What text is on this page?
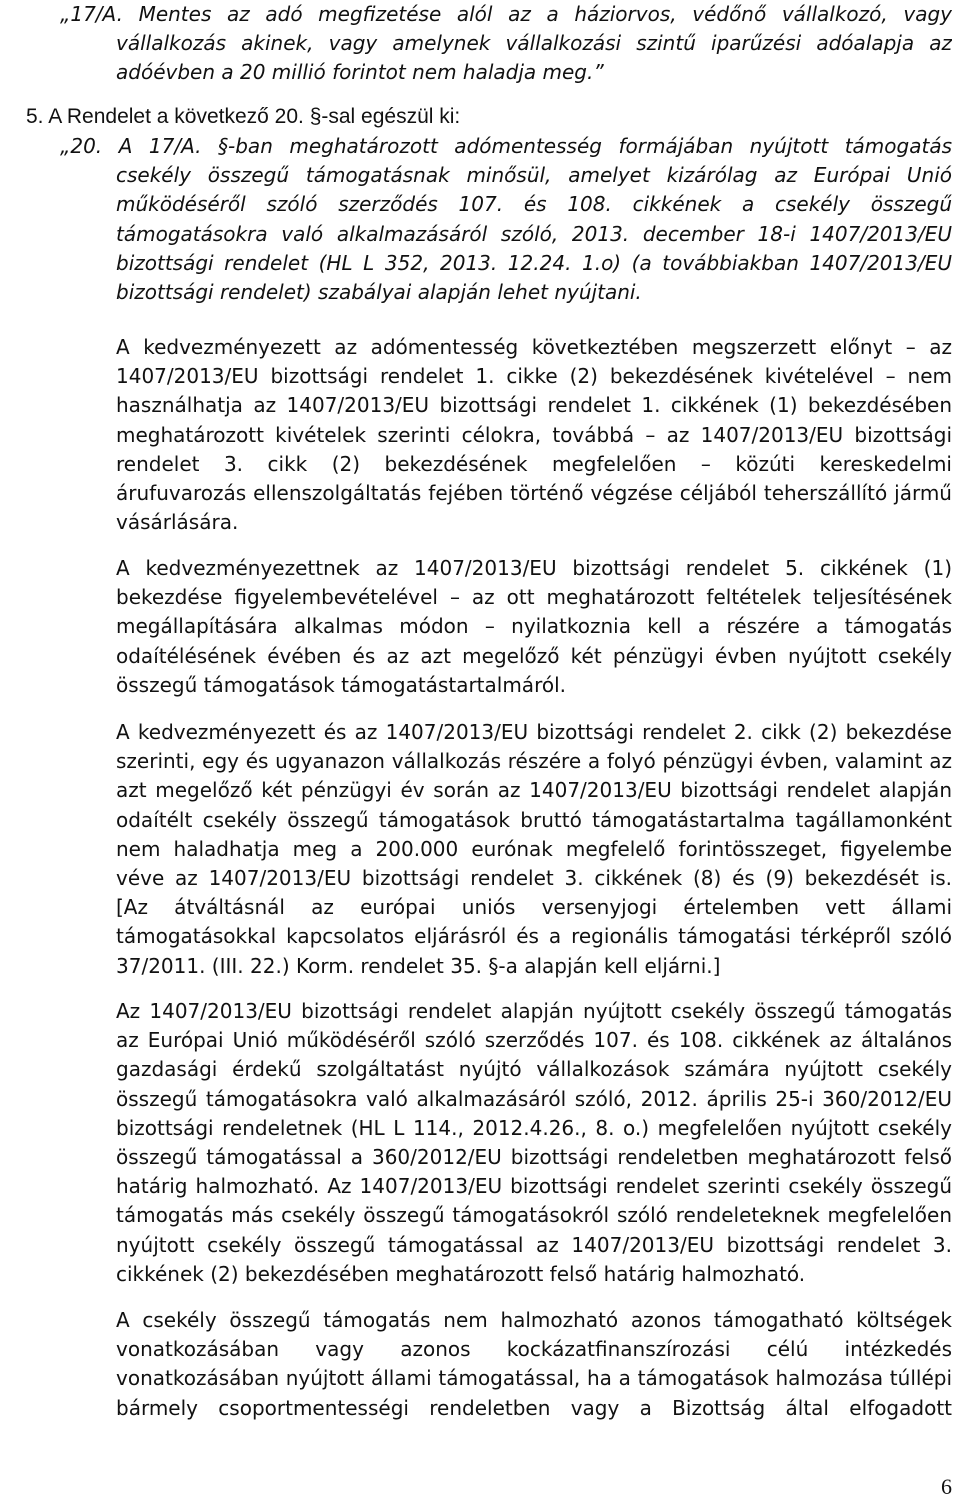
„17/A. Mentes az adó megfizetése alól az a háziorvos, védőnő vállalkozó, vagy
vállalkozás akinek, vagy amelynek vállalkozási szintű iparűzési adóalapja az
adóévben a 20 millió forintot nem haladja meg.”
5. A Rendelet a következő 20. §-sal egészül ki:
„20. A 17/A. §-ban meghatározott adómentesség formájában nyújtott támogatás
csekély összegű támogatásnak minősül, amelyet kizárólag az Európai Unió
működéséről szóló szerződés 107. és 108. cikkének a csekély összegű
támogatásokra való alkalmazásáról szóló, 2013. december 18-i 1407/2013/EU
bizottsági rendelet (HL L 352, 2013. 12.24. 1.o) (a továbbiakban 1407/2013/EU
bizottsági rendelet) szabályai alapján lehet nyújtani.
A kedvezményezett az adómentesség következtében megszerzett előnyt – az
1407/2013/EU bizottsági rendelet 1. cikke (2) bekezdésének kivételével – nem
használhatja az 1407/2013/EU bizottsági rendelet 1. cikkének (1) bekezdésében
meghatározott kivételek szerinti célokra, továbbá – az 1407/2013/EU bizottsági
rendelet 3. cikk (2) bekezdésének megfelelően – közúti kereskedelmi
árufuvarozás ellenszolgáltatás fejében történő végzése céljából teherszállító jármű
vásárlására.
A kedvezményezettnek az 1407/2013/EU bizottsági rendelet 5. cikkének (1)
bekezdése figyelembevételével – az ott meghatározott feltételek teljesítésének
megállapítására alkalmas módon – nyilatkoznia kell a részére a támogatás
odaítélésének évében és az azt megelőző két pénzügyi évben nyújtott csekély
összegű támogatások támogatástartalmáról.
A kedvezményezett és az 1407/2013/EU bizottsági rendelet 2. cikk (2) bekezdése
szerinti, egy és ugyanazon vállalkozás részére a folyó pénzügyi évben, valamint az
azt megelőző két pénzügyi év során az 1407/2013/EU bizottsági rendelet alapján
odaítélt csekély összegű támogatások bruttó támogatástartalma tagállamonként
nem haladhatja meg a 200.000 eurónak megfelelő forintösszeget, figyelembe
véve az 1407/2013/EU bizottsági rendelet 3. cikkének (8) és (9) bekezdését is.
[Az átváltásnál az európai uniós versenyjogi értelemben vett állami
támogatásokkal kapcsolatos eljárásról és a regionális támogatási térképről szóló
37/2011. (III. 22.) Korm. rendelet 35. §-a alapján kell eljárni.]
Az 1407/2013/EU bizottsági rendelet alapján nyújtott csekély összegű támogatás
az Európai Unió működéséről szóló szerződés 107. és 108. cikkének az általános
gazdasági érdekű szolgáltatást nyújtó vállalkozások számára nyújtott csekély
összegű támogatásokra való alkalmazásáról szóló, 2012. április 25-i 360/2012/EU
bizottsági rendeletnek (HL L 114., 2012.4.26., 8. o.) megfelelően nyújtott csekély
összegű támogatással a 360/2012/EU bizottsági rendeletben meghatározott felső
határig halmozható. Az 1407/2013/EU bizottsági rendelet szerinti csekély összegű
támogatás más csekély összegű támogatásokról szóló rendeleteknek megfelelően
nyújtott csekély összegű támogatással az 1407/2013/EU bizottsági rendelet 3.
cikkének (2) bekezdésében meghatározott felső határig halmozható.
A csekély összegű támogatás nem halmozható azonos támogatható költségek
vonatkozásában vagy azonos kockázatfinanszírozási célú intézkedés
vonatkozásában nyújtott állami támogatással, ha a támogatások halmozása túllépi
bármely csoportmentességi rendeletben vagy a Bizottság által elfogadott
6
